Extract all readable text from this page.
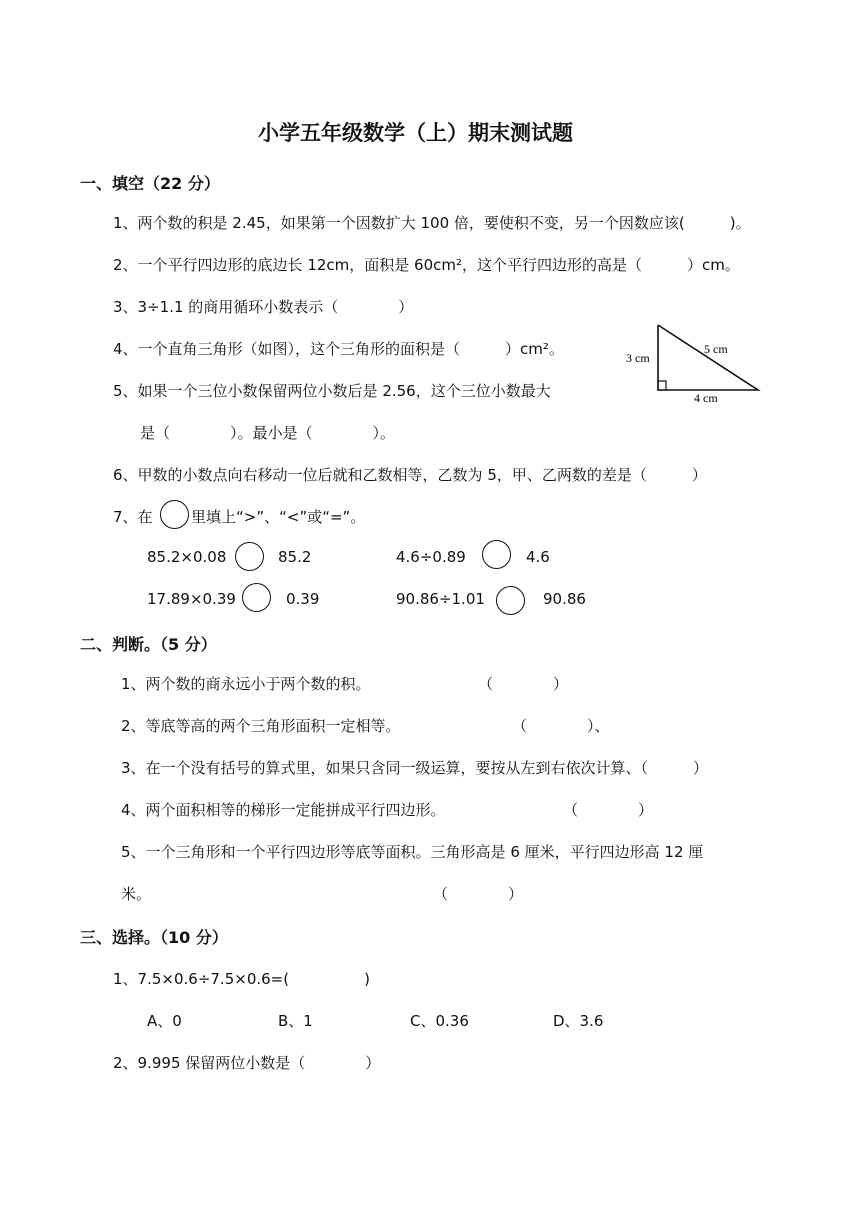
小学五年级数学（上）期末测试题
一、填空（22 分）
1、两个数的积是 2.45，如果第一个因数扩大 100 倍，要使积不变，另一个因数应该(　　　)。
2、一个平行四边形的底边长 12cm，面积是 60cm²，这个平行四边形的高是（　　　）cm。
3、3÷1.1 的商用循环小数表示（　　　　）
4、一个直角三角形（如图），这个三角形的面积是（　　　）cm²。
5、如果一个三位小数保留两位小数后是 2.56，这个三位小数最大
是（　　　　）。最小是（　　　　）。
6、甲数的小数点向右移动一位后就和乙数相等，乙数为 5，甲、乙两数的差是（　　　）
7、在	里填上“>”、“<”或“=”。
85.2×0.08	85.2	4.6÷0.89	4.6
17.89×0.39	0.39	90.86÷1.01	90.86
5 cm
3 cm
4 cm
二、判断。（5 分）
1、两个数的商永远小于两个数的积。	（　　　　）
2、等底等高的两个三角形面积一定相等。	（　　　　）、
3、在一个没有括号的算式里，如果只含同一级运算，要按从左到右依次计算、（　　　）
4、两个面积相等的梯形一定能拼成平行四边形。	（　　　　）
5、一个三角形和一个平行四边形等底等面积。三角形高是 6 厘米，平行四边形高 12 厘
米。	（　　　　）
三、选择。（10 分）
1、7.5×0.6÷7.5×0.6=(　　　　　)
A、0	B、1	C、0.36	D、3.6
2、9.995 保留两位小数是（　　　　）
